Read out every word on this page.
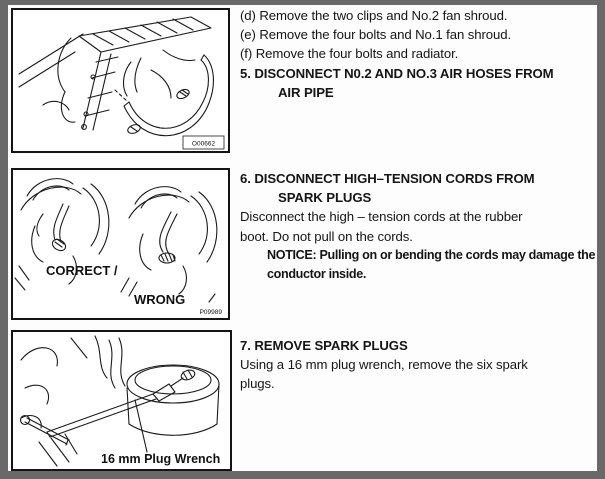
O00662
CORRECT /
WRONG
P09989
16 mm Plug Wrench
(d) Remove the two clips and No.2 fan shroud.
(e) Remove the four bolts and No.1 fan shroud.
(f) Remove the four bolts and radiator.
5. DISCONNECT N0.2 AND NO.3 AIR HOSES FROM
AIR PIPE
6. DISCONNECT HIGH–TENSION CORDS FROM
SPARK PLUGS
Disconnect the high – tension cords at the rubber
boot. Do not pull on the cords.
NOTICE: Pulling on or bending the cords may damage the
conductor inside.
7. REMOVE SPARK PLUGS
Using a 16 mm plug wrench, remove the six spark
plugs.
